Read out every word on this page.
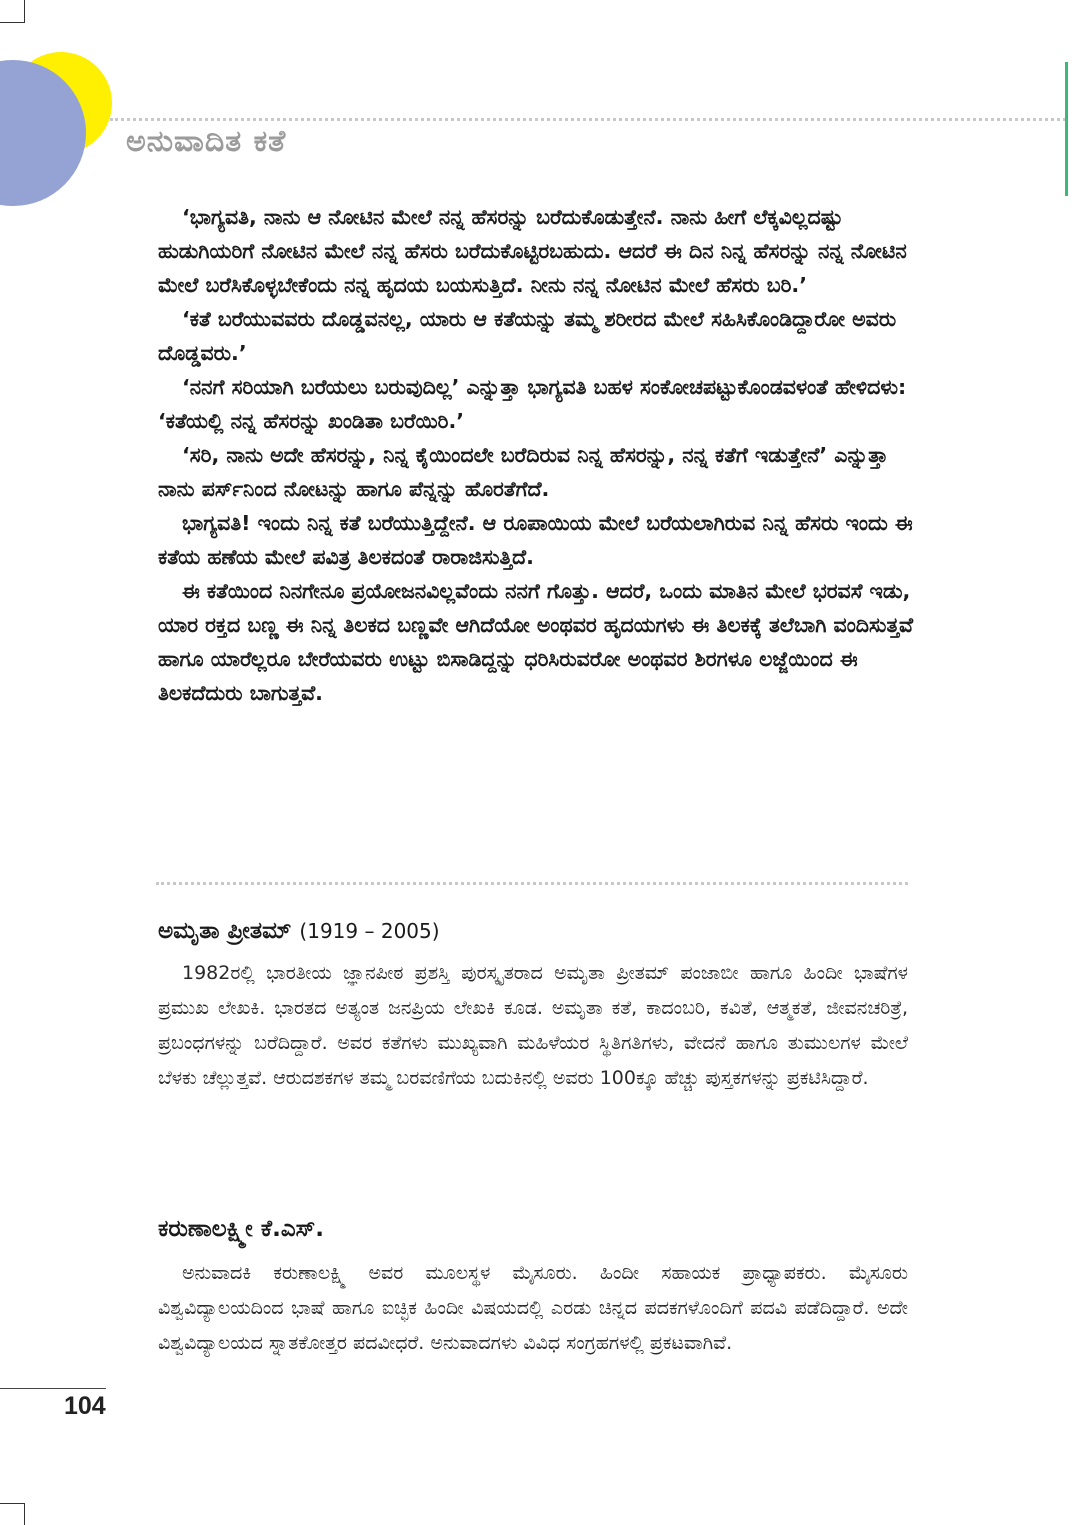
ಅನುವಾದಿತ ಕತೆ

‘ಭಾಗ್ಯವತಿ, ನಾನು ಆ ನೋಟಿನ ಮೇಲೆ ನನ್ನ ಹೆಸರನ್ನು ಬರೆದುಕೊಡುತ್ತೇನೆ. ನಾನು ಹೀಗೆ ಲೆಕ್ಕವಿಲ್ಲದಷ್ಟು ಹುಡುಗಿಯರಿಗೆ ನೋಟಿನ ಮೇಲೆ ನನ್ನ ಹೆಸರು ಬರೆದುಕೊಟ್ಟಿರಬಹುದು. ಆದರೆ ಈ ದಿನ ನಿನ್ನ ಹೆಸರನ್ನು ನನ್ನ ನೋಟಿನ ಮೇಲೆ ಬರೆಸಿಕೊಳ್ಳಬೇಕೆಂದು ನನ್ನ ಹೃದಯ ಬಯಸುತ್ತಿದೆ. ನೀನು ನನ್ನ ನೋಟಿನ ಮೇಲೆ ಹೆಸರು ಬರಿ.’

‘ಕತೆ ಬರೆಯುವವರು ದೊಡ್ಡವನಲ್ಲ, ಯಾರು ಆ ಕತೆಯನ್ನು ತಮ್ಮ ಶರೀರದ ಮೇಲೆ ಸಹಿಸಿಕೊಂಡಿದ್ದಾರೋ ಅವರು ದೊಡ್ಡವರು.’

‘ನನಗೆ ಸರಿಯಾಗಿ ಬರೆಯಲು ಬರುವುದಿಲ್ಲ’ ಎನ್ನುತ್ತಾ ಭಾಗ್ಯವತಿ ಬಹಳ ಸಂಕೋಚಪಟ್ಟುಕೊಂಡವಳಂತೆ ಹೇಳಿದಳು: ‘ಕತೆಯಲ್ಲಿ ನನ್ನ ಹೆಸರನ್ನು ಖಂಡಿತಾ ಬರೆಯಿರಿ.’

‘ಸರಿ, ನಾನು ಅದೇ ಹೆಸರನ್ನು, ನಿನ್ನ ಕೈಯಿಂದಲೇ ಬರೆದಿರುವ ನಿನ್ನ ಹೆಸರನ್ನು, ನನ್ನ ಕತೆಗೆ ಇಡುತ್ತೇನೆ’ ಎನ್ನುತ್ತಾ ನಾನು ಪರ್ಸ್‌ನಿಂದ ನೋಟನ್ನು ಹಾಗೂ ಪೆನ್ನನ್ನು ಹೊರತೆಗೆದೆ.

ಭಾಗ್ಯವತಿ! ಇಂದು ನಿನ್ನ ಕತೆ ಬರೆಯುತ್ತಿದ್ದೇನೆ. ಆ ರೂಪಾಯಿಯ ಮೇಲೆ ಬರೆಯಲಾಗಿರುವ ನಿನ್ನ ಹೆಸರು ಇಂದು ಈ ಕತೆಯ ಹಣೆಯ ಮೇಲೆ ಪವಿತ್ರ ತಿಲಕದಂತೆ ರಾರಾಜಿಸುತ್ತಿದೆ.

ಈ ಕತೆಯಿಂದ ನಿನಗೇನೂ ಪ್ರಯೋಜನವಿಲ್ಲವೆಂದು ನನಗೆ ಗೊತ್ತು. ಆದರೆ, ಒಂದು ಮಾತಿನ ಮೇಲೆ ಭರವಸೆ ಇಡು, ಯಾರ ರಕ್ತದ ಬಣ್ಣ ಈ ನಿನ್ನ ತಿಲಕದ ಬಣ್ಣವೇ ಆಗಿದೆಯೋ ಅಂಥವರ ಹೃದಯಗಳು ಈ ತಿಲಕಕ್ಕೆ ತಲೆಬಾಗಿ ವಂದಿಸುತ್ತವೆ ಹಾಗೂ ಯಾರೆಲ್ಲರೂ ಬೇರೆಯವರು ಉಟ್ಟು ಬಿಸಾಡಿದ್ದನ್ನು ಧರಿಸಿರುವರೋ ಅಂಥವರ ಶಿರಗಳೂ ಲಜ್ಜೆಯಿಂದ ಈ ತಿಲಕದೆದುರು ಬಾಗುತ್ತವೆ.

ಅಮೃತಾ ಪ್ರೀತಮ್ (1919 – 2005)
1982ರಲ್ಲಿ ಭಾರತೀಯ ಜ್ಞಾನಪೀಠ ಪ್ರಶಸ್ತಿ ಪುರಸ್ಕೃತರಾದ ಅಮೃತಾ ಪ್ರೀತಮ್ ಪಂಜಾಬೀ ಹಾಗೂ ಹಿಂದೀ ಭಾಷೆಗಳ ಪ್ರಮುಖ ಲೇಖಕಿ. ಭಾರತದ ಅತ್ಯಂತ ಜನಪ್ರಿಯ ಲೇಖಕಿ ಕೂಡ. ಅಮೃತಾ ಕತೆ, ಕಾದಂಬರಿ, ಕವಿತೆ, ಆತ್ಮಕತೆ, ಜೀವನಚರಿತ್ರೆ, ಪ್ರಬಂಧಗಳನ್ನು ಬರೆದಿದ್ದಾರೆ. ಅವರ ಕತೆಗಳು ಮುಖ್ಯವಾಗಿ ಮಹಿಳೆಯರ ಸ್ಥಿತಿಗತಿಗಳು, ವೇದನೆ ಹಾಗೂ ತುಮುಲಗಳ ಮೇಲೆ ಬೆಳಕು ಚೆಲ್ಲುತ್ತವೆ. ಆರುದಶಕಗಳ ತಮ್ಮ ಬರವಣಿಗೆಯ ಬದುಕಿನಲ್ಲಿ ಅವರು 100ಕ್ಕೂ ಹೆಚ್ಚು ಪುಸ್ತಕಗಳನ್ನು ಪ್ರಕಟಿಸಿದ್ದಾರೆ.
ಕರುಣಾಲಕ್ಷ್ಮೀ ಕೆ.ಎಸ್.
ಅನುವಾದಕಿ ಕರುಣಾಲಕ್ಷ್ಮಿ ಅವರ ಮೂಲಸ್ಥಳ ಮೈಸೂರು. ಹಿಂದೀ ಸಹಾಯಕ ಪ್ರಾಧ್ಯಾಪಕರು. ಮೈಸೂರು ವಿಶ್ವವಿದ್ಯಾಲಯದಿಂದ ಭಾಷೆ ಹಾಗೂ ಐಚ್ಛಿಕ ಹಿಂದೀ ವಿಷಯದಲ್ಲಿ ಎರಡು ಚಿನ್ನದ ಪದಕಗಳೊಂದಿಗೆ ಪದವಿ ಪಡೆದಿದ್ದಾರೆ. ಅದೇ ವಿಶ್ವವಿದ್ಯಾಲಯದ ಸ್ನಾತಕೋತ್ತರ ಪದವೀಧರೆ. ಅನುವಾದಗಳು ವಿವಿಧ ಸಂಗ್ರಹಗಳಲ್ಲಿ ಪ್ರಕಟವಾಗಿವೆ.
104
